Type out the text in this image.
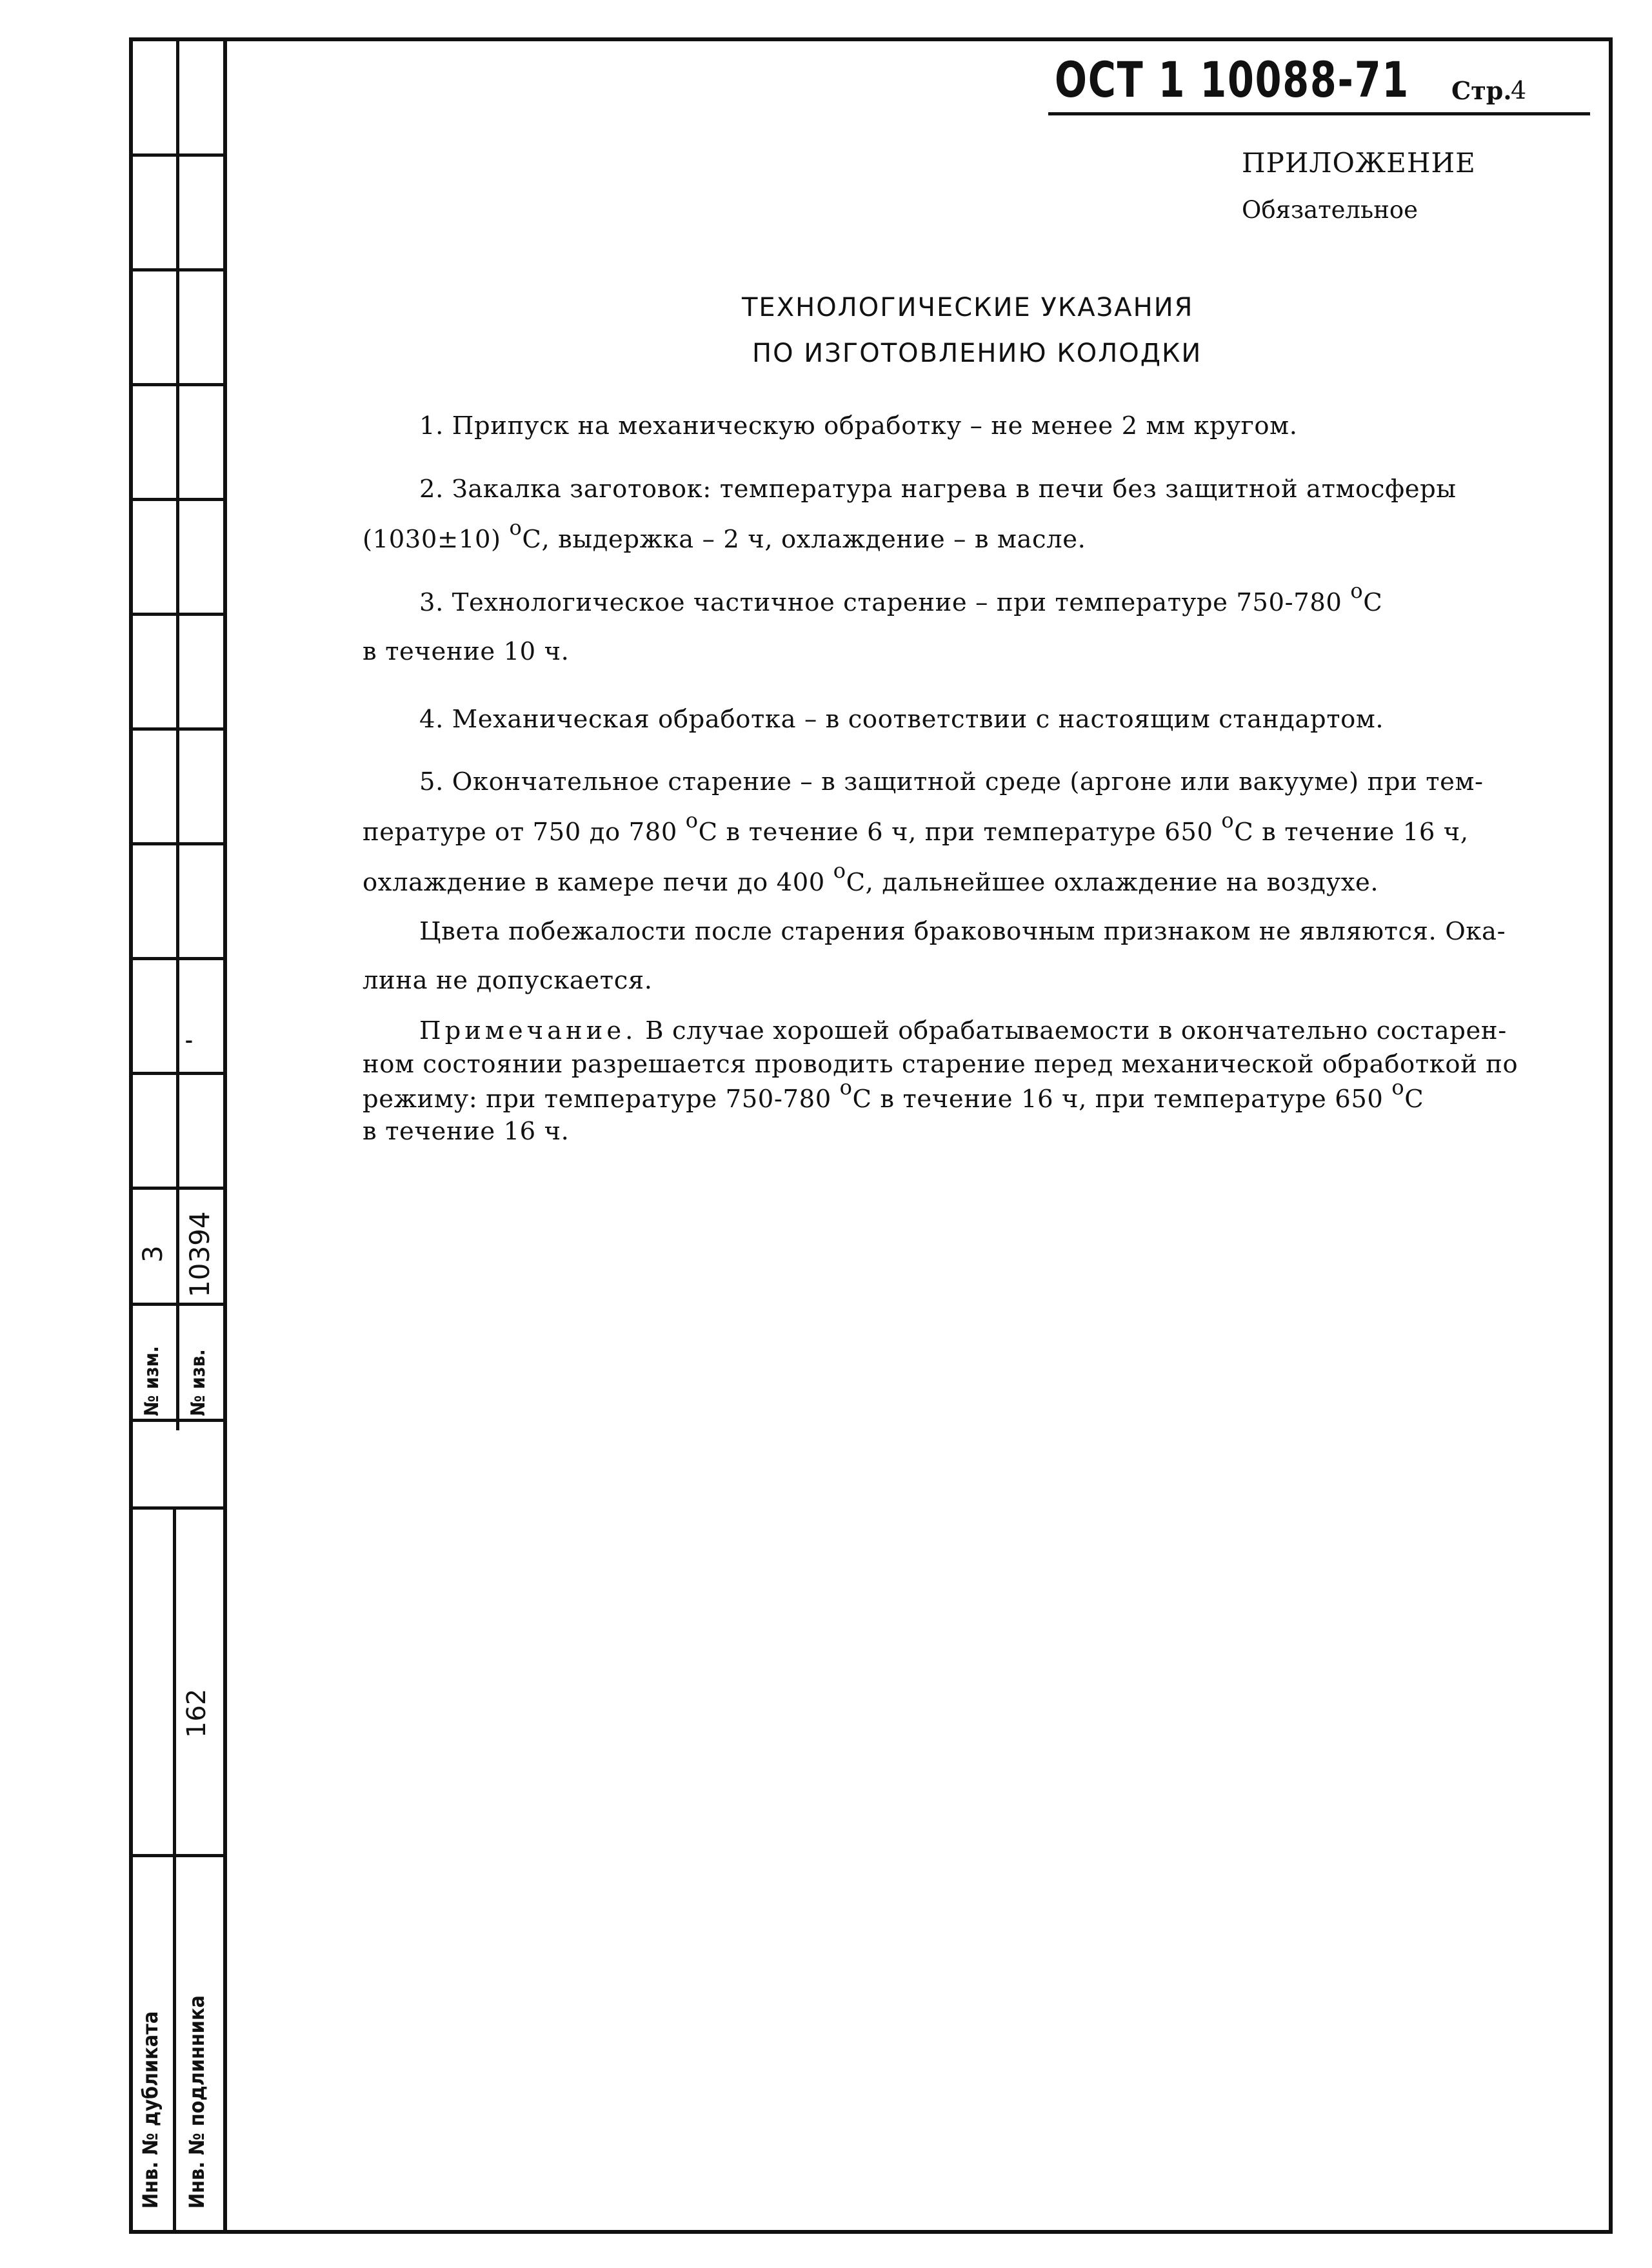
№ изм.
3
№ изв.
10394
'
Инв. № дубликата Инв. № подлинника
162
ОСТ 1 10088-71 Стр.
4
ПРИЛОЖЕНИЕ
Обязательное
ТЕХНОЛОГИЧЕСКИЕ УКАЗАНИЯ
ПО ИЗГОТОВЛЕНИЮ КОЛОДКИ
1. Припуск на механическую обработку – не менее 2 мм кругом.
2. Закалка заготовок: температура нагрева в печи без защитной атмосферы
(1030±10) $^о$С, выдержка – 2 ч, охлаждение – в масле.
3. Технологическое частичное старение – при температуре 750-780 $^о$С
в течение 10 ч.
4. Механическая обработка – в соответствии с настоящим стандартом.
5. Окончательное старение – в защитной среде (аргоне или вакууме) при тем-
пературе от 750 до 780 $^о$С в течение 6 ч, при температуре 650 $^о$С в течение 16 ч,
охлаждение в камере печи до 400 $^о$С, дальнейшее охлаждение на воздухе.
Цвета побежалости после старения браковочным признаком не являются. Ока-
лина не допускается.
Примечание. В случае хорошей обрабатываемости в окончательно состарен-
ном состоянии разрешается проводить старение перед механической обработкой по
режиму: при температуре 750-780 $^о$С в течение 16 ч, при температуре 650 $^о$С
в течение 16 ч.
